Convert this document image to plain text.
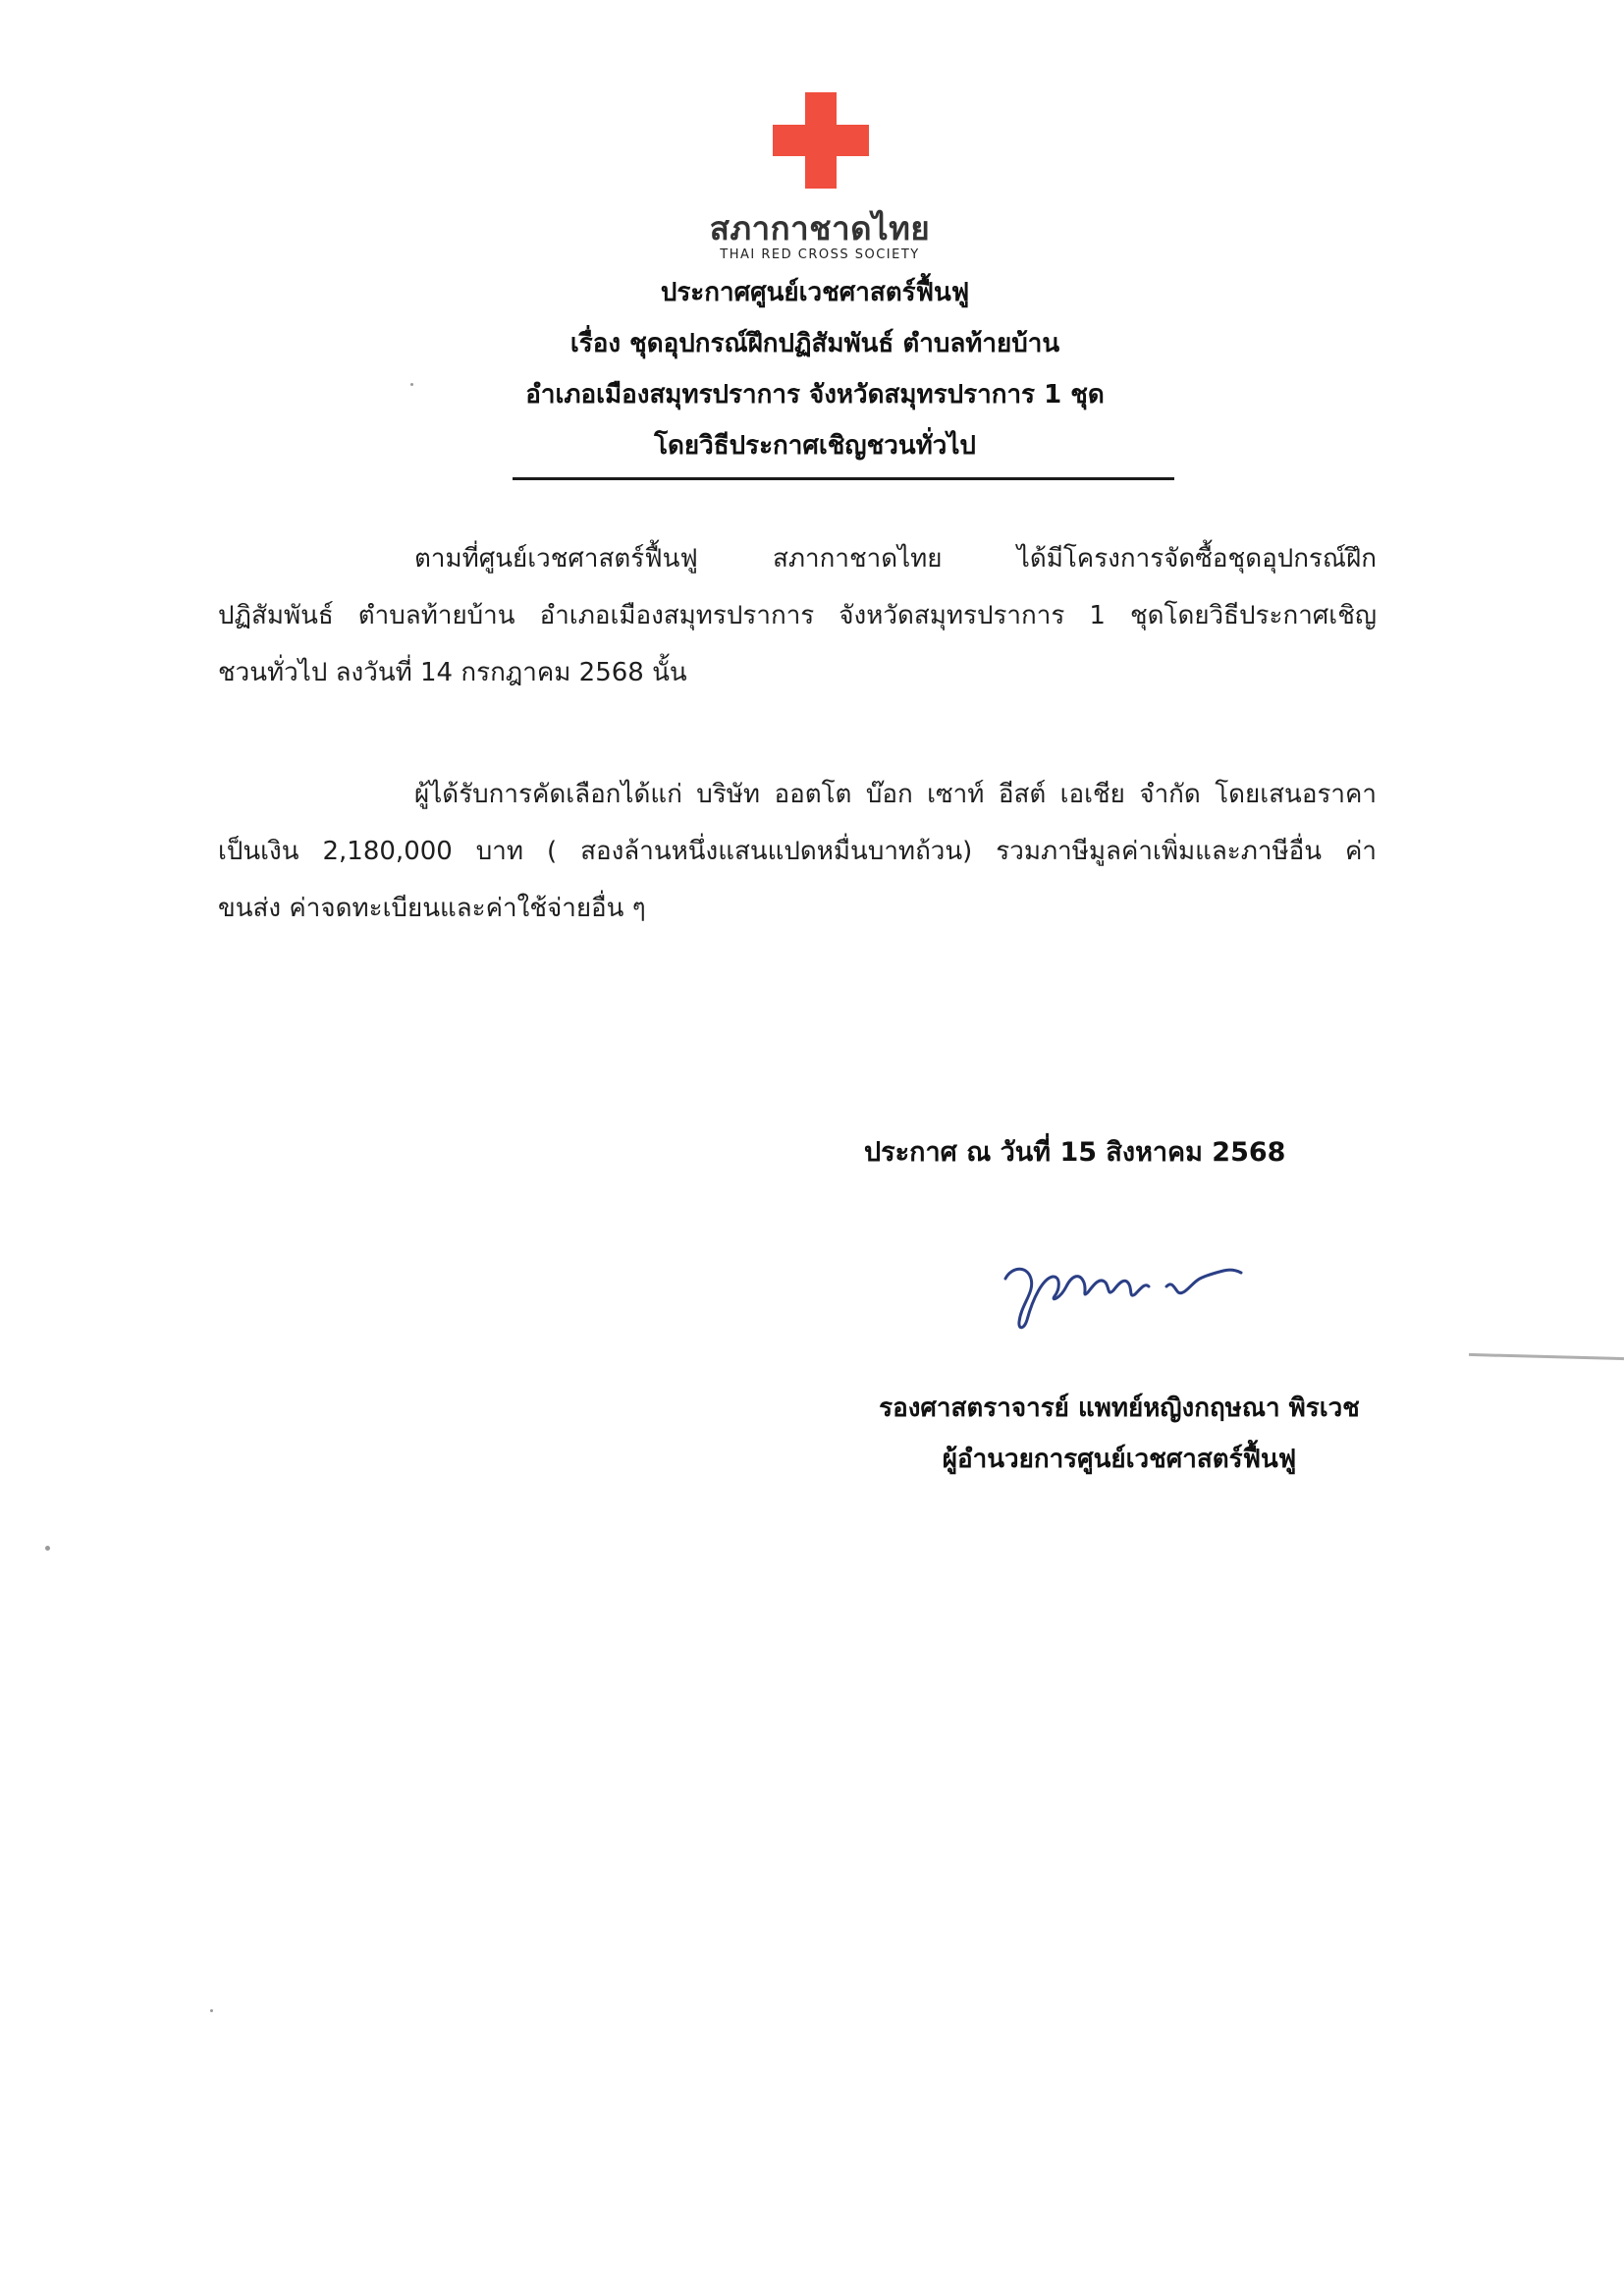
สภากาชาดไทย
THAI RED CROSS SOCIETY
ประกาศศูนย์เวชศาสตร์ฟื้นฟู
เรื่อง ชุดอุปกรณ์ฝึกปฏิสัมพันธ์ ตำบลท้ายบ้าน
อำเภอเมืองสมุทรปราการ จังหวัดสมุทรปราการ 1 ชุด
โดยวิธีประกาศเชิญชวนทั่วไป
ตามที่ศูนย์เวชศาสตร์ฟื้นฟู สภากาชาดไทย ได้มีโครงการจัดซื้อชุดอุปกรณ์ฝึก
ปฏิสัมพันธ์ ตำบลท้ายบ้าน อำเภอเมืองสมุทรปราการ จังหวัดสมุทรปราการ 1 ชุดโดยวิธีประกาศเชิญ
ชวนทั่วไป ลงวันที่ 14 กรกฎาคม 2568 นั้น
ผู้ได้รับการคัดเลือกได้แก่ บริษัท ออตโต บ๊อก เซาท์ อีสต์ เอเชีย จำกัด โดยเสนอราคา
เป็นเงิน 2,180,000 บาท ( สองล้านหนึ่งแสนแปดหมื่นบาทถ้วน) รวมภาษีมูลค่าเพิ่มและภาษีอื่น ค่า
ขนส่ง ค่าจดทะเบียนและค่าใช้จ่ายอื่น ๆ
ประกาศ ณ วันที่ 15 สิงหาคม 2568
รองศาสตราจารย์ แพทย์หญิงกฤษณา พิรเวช
ผู้อำนวยการศูนย์เวชศาสตร์ฟื้นฟู
